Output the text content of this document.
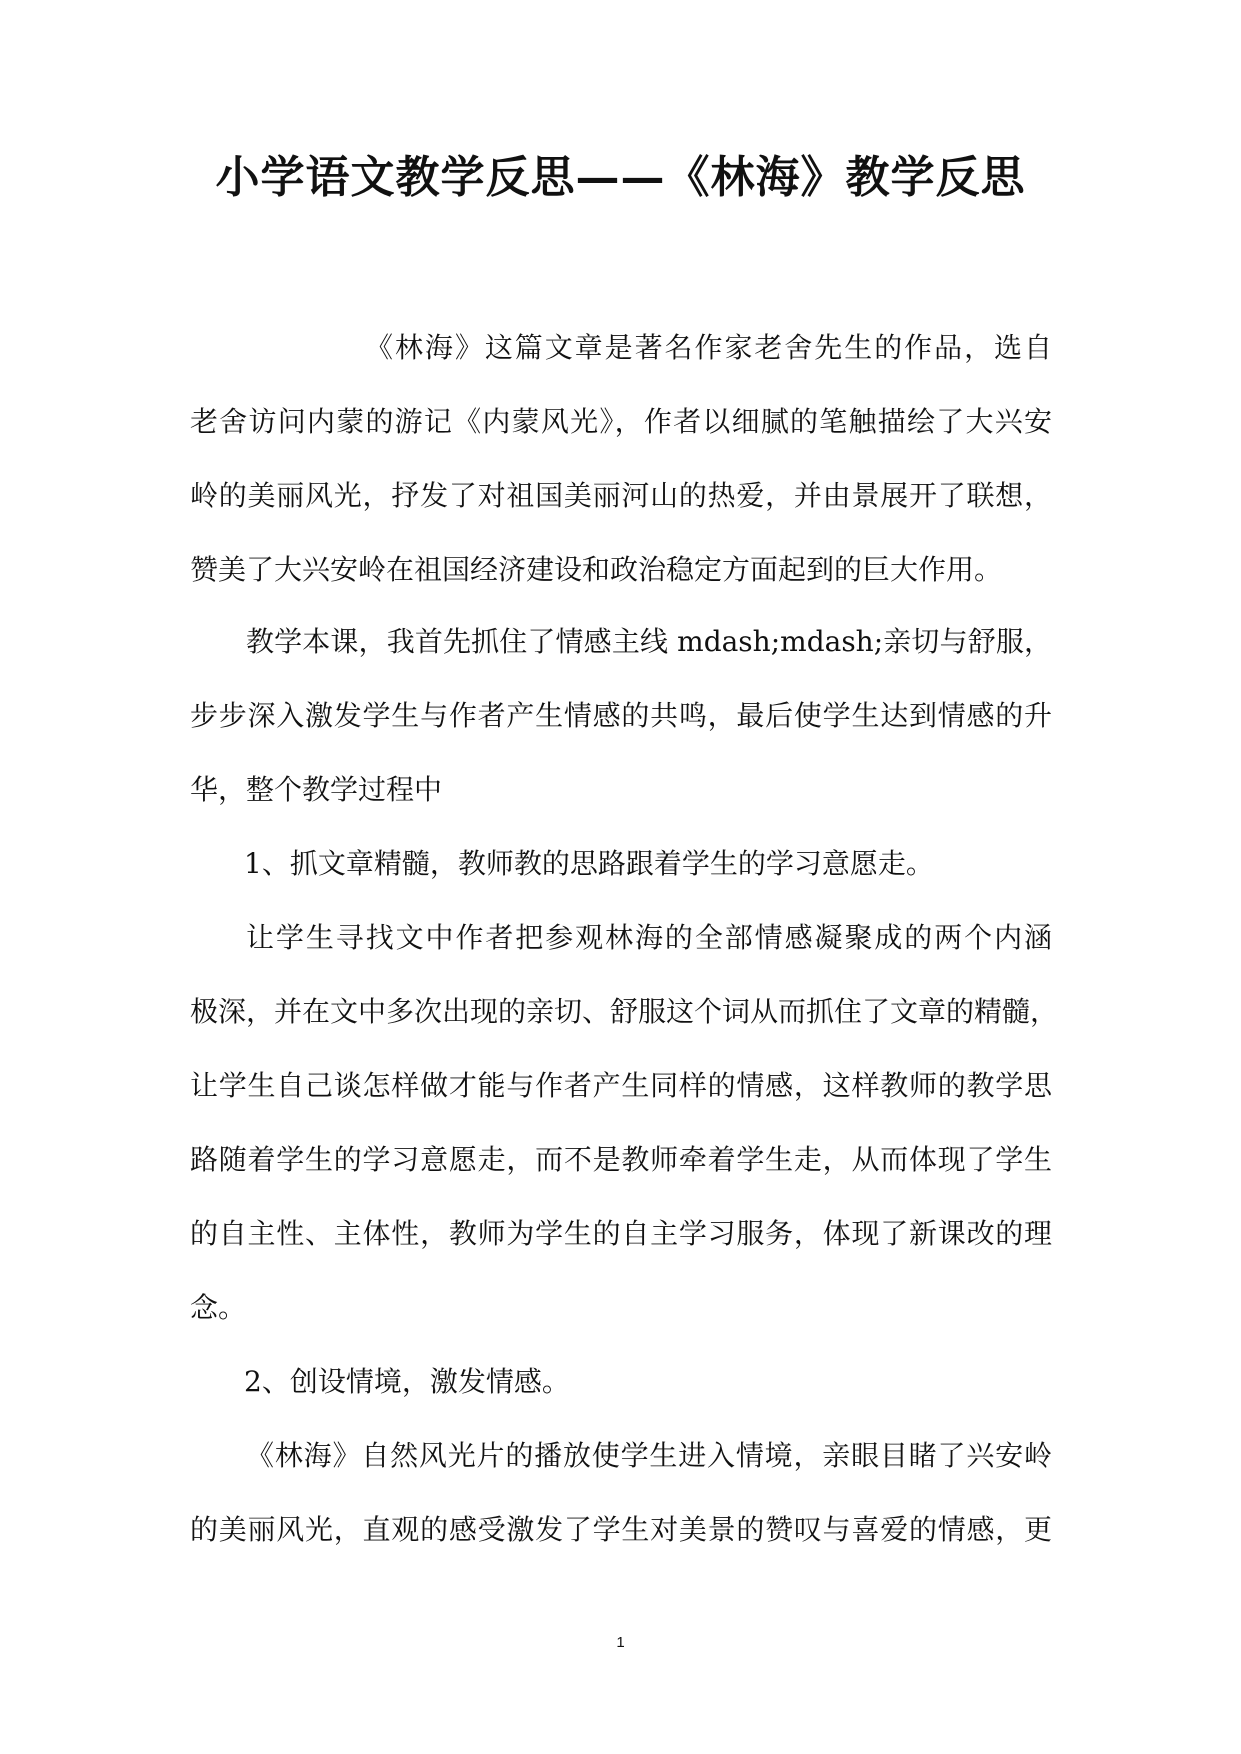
小学语文教学反思——《林海》教学反思
《林海》这篇文章是著名作家老舍先生的作品，选自
老舍访问内蒙的游记《内蒙风光》，作者以细腻的笔触描绘了大兴安
岭的美丽风光，抒发了对祖国美丽河山的热爱，并由景展开了联想，
赞美了大兴安岭在祖国经济建设和政治稳定方面起到的巨大作用。
教学本课，我首先抓住了情感主线 mdash;mdash;亲切与舒服，
步步深入激发学生与作者产生情感的共鸣，最后使学生达到情感的升
华，整个教学过程中
1、抓文章精髓，教师教的思路跟着学生的学习意愿走。
让学生寻找文中作者把参观林海的全部情感凝聚成的两个内涵
极深，并在文中多次出现的亲切、舒服这个词从而抓住了文章的精髓，
让学生自己谈怎样做才能与作者产生同样的情感，这样教师的教学思
路随着学生的学习意愿走，而不是教师牵着学生走，从而体现了学生
的自主性、主体性，教师为学生的自主学习服务，体现了新课改的理
念。
2、创设情境，激发情感。
《林海》自然风光片的播放使学生进入情境，亲眼目睹了兴安岭
的美丽风光，直观的感受激发了学生对美景的赞叹与喜爱的情感，更
1
